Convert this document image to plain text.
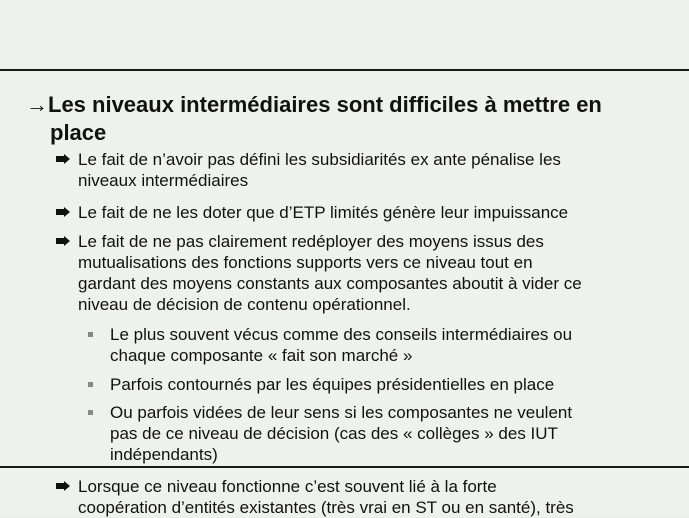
→Les niveaux intermédiaires sont difficiles à mettre en
place
Le fait de n’avoir pas défini les subsidiarités ex ante pénalise les
niveaux intermédiaires
Le fait de ne les doter que d’ETP limités génère leur impuissance
Le fait de ne pas clairement redéployer des moyens issus des
mutualisations des fonctions supports vers ce niveau tout en
gardant des moyens constants aux composantes aboutit à vider ce
niveau de décision de contenu opérationnel.
Le plus souvent vécus comme des conseils intermédiaires ou
chaque composante « fait son marché »
Parfois contournés par les équipes présidentielles en place
Ou parfois vidées de leur sens si les composantes ne veulent
pas de ce niveau de décision (cas des « collèges » des IUT
indépendants)
Lorsque ce niveau fonctionne c’est souvent lié à la forte
coopération d’entités existantes (très vrai en ST ou en santé), très
